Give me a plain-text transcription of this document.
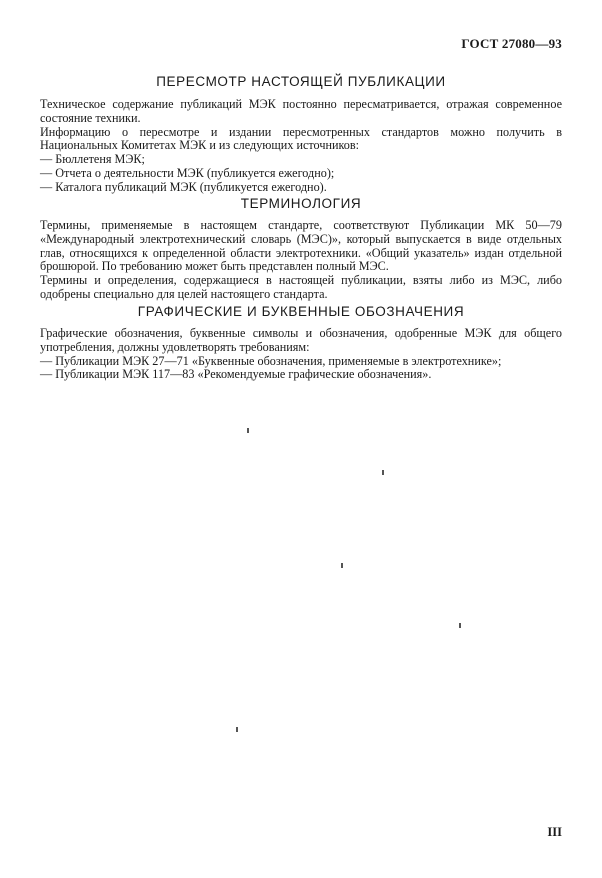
ГОСТ 27080—93
ПЕРЕСМОТР НАСТОЯЩЕЙ ПУБЛИКАЦИИ

Техническое содержание публикаций МЭК постоянно пересматривается, отражая современное состояние техники.

Информацию о пересмотре и издании пересмотренных стандартов можно получить в Национальных Комитетах МЭК и из следующих источников:

— Бюллетеня МЭК;

— Отчета о деятельности МЭК (публикуется ежегодно);

— Каталога публикаций МЭК (публикуется ежегодно).

ТЕРМИНОЛОГИЯ

Термины, применяемые в настоящем стандарте, соответствуют Публикации МК 50—79 «Международный электротехнический словарь (МЭС)», который выпускается в виде отдельных глав, относящихся к определенной области электротехники. «Общий указатель» издан отдельной брошюрой. По требованию может быть представлен полный МЭС.

Термины и определения, содержащиеся в настоящей публикации, взяты либо из МЭС, либо одобрены специально для целей настоящего стандарта.

ГРАФИЧЕСКИЕ И БУКВЕННЫЕ ОБОЗНАЧЕНИЯ

Графические обозначения, буквенные символы и обозначения, одобренные МЭК для общего употребления, должны удовлетворять требованиям:

— Публикации МЭК 27—71 «Буквенные обозначения, применяемые в электротехнике»;

— Публикации МЭК 117—83 «Рекомендуемые графические обозначения».

III
